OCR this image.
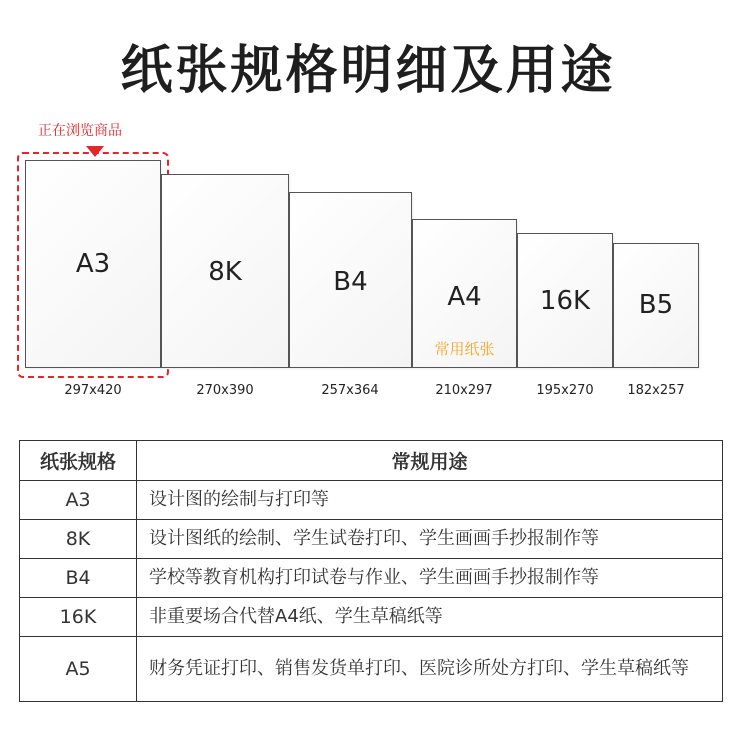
纸张规格明细及用途
正在浏览商品
A3	8K	B4	A4
常用纸张
16K	B5
297x420	270x390	257x364	210x297	195x270	182x257
纸张规格	常规用途
A3	设计图的绘制与打印等
8K	设计图纸的绘制、学生试卷打印、学生画画手抄报制作等
B4	学校等教育机构打印试卷与作业、学生画画手抄报制作等
16K	非重要场合代替A4纸、学生草稿纸等
A5	财务凭证打印、销售发货单打印、医院诊所处方打印、学生草稿纸等
